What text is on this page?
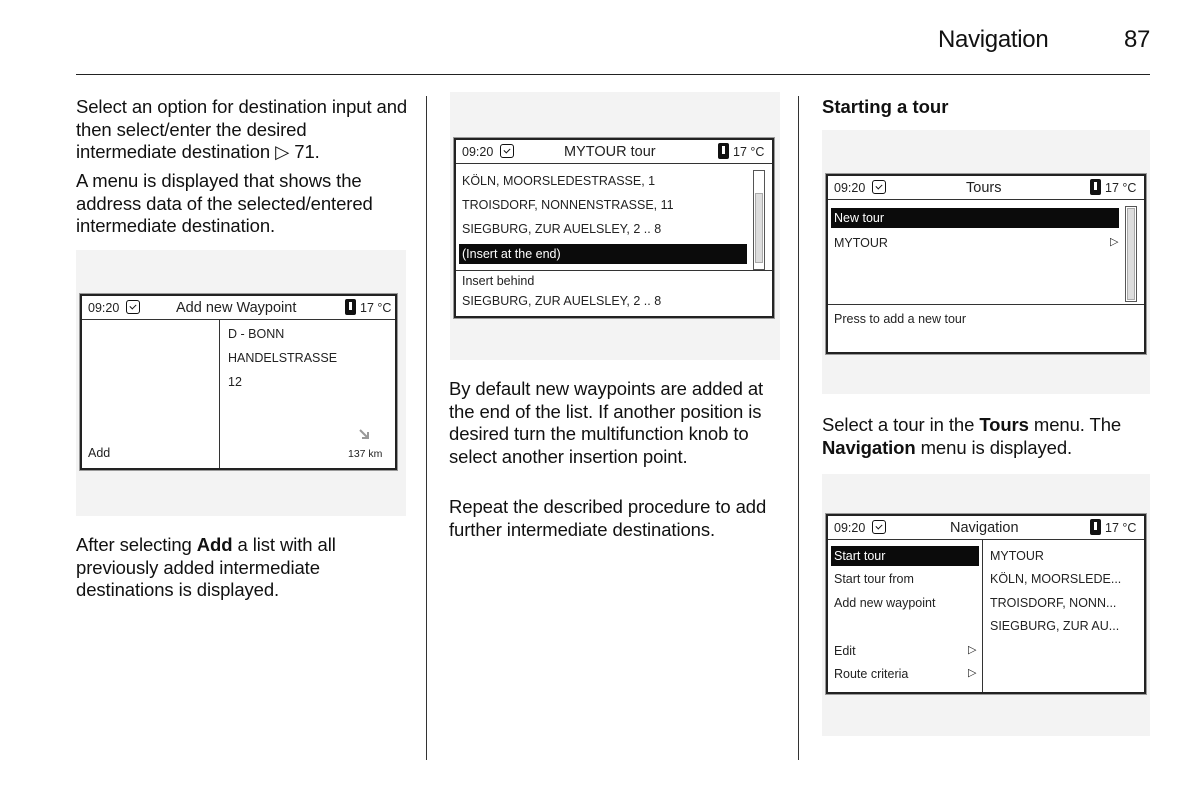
Navigation	87
Select an option for destination input and then select/enter the desired intermediate destination ▷ 71.
A menu is displayed that shows the address data of the selected/entered intermediate destination.
09:20	Add new Waypoint	17 °C
D - BONN
HANDELSTRASSE
12
Add	137 km
After selecting Add a list with all previously added intermediate destinations is displayed.
09:20	MYTOUR tour	17 °C
KÖLN, MOORSLEDESTRASSE, 1
TROISDORF, NONNENSTRASSE, 11
SIEGBURG, ZUR AUELSLEY, 2 .. 8
(Insert at the end)
Insert behind
SIEGBURG, ZUR AUELSLEY, 2 .. 8
By default new waypoints are added at the end of the list. If another position is desired turn the multifunction knob to select another insertion point.
Repeat the described procedure to add further intermediate destinations.
Starting a tour
09:20	Tours	17 °C
New tour
MYTOUR	▷
Press to add a new tour
Select a tour in the Tours menu. The Navigation menu is displayed.
09:20	Navigation	17 °C
Start tour
Start tour from
Add new waypoint
Edit	▷
Route criteria	▷
MYTOUR
KÖLN, MOORSLEDE...
TROISDORF, NONN...
SIEGBURG, ZUR AU...
